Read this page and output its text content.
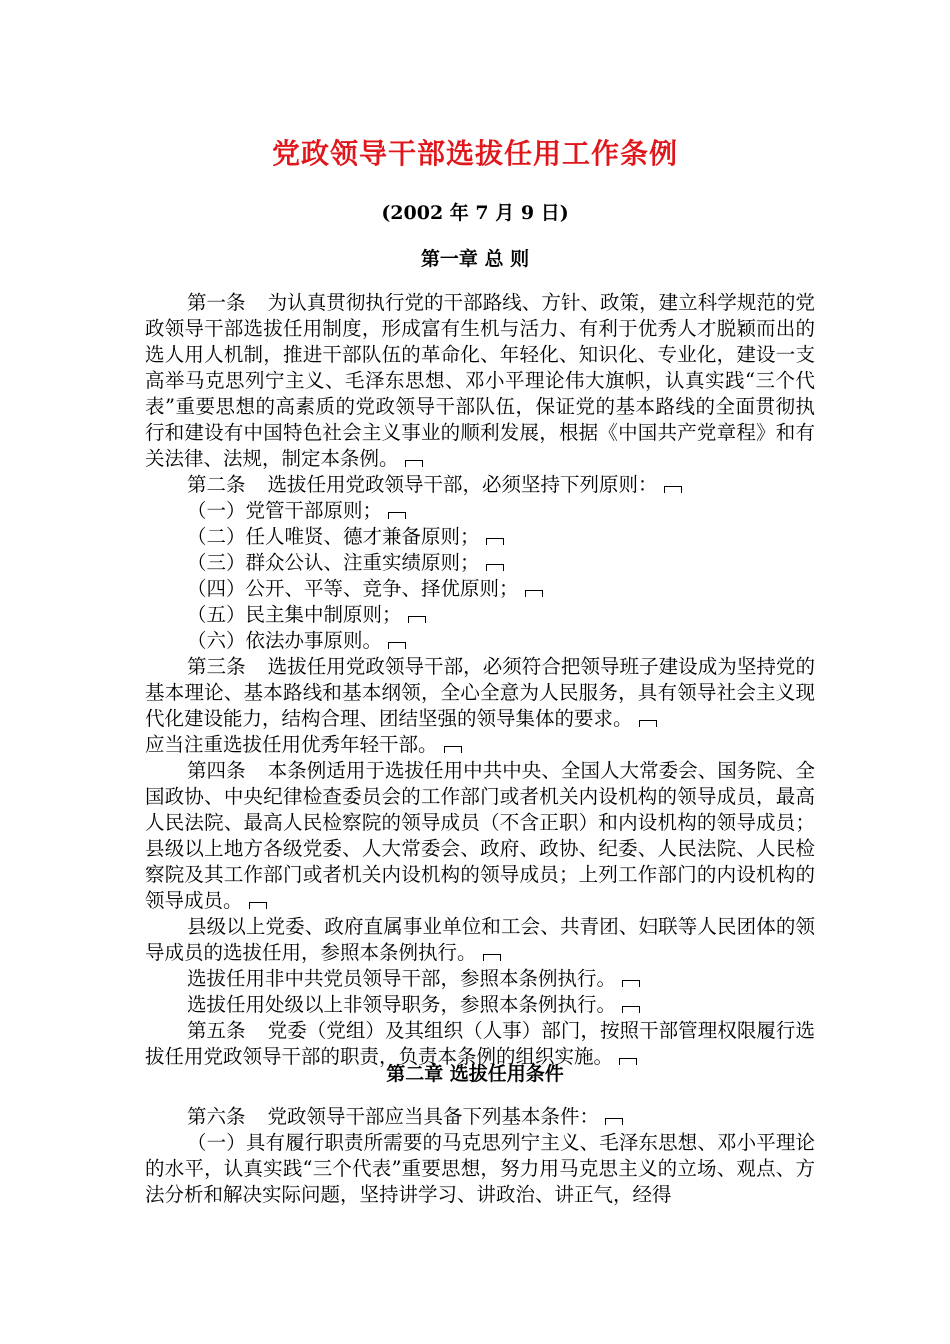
党政领导干部选拔任用工作条例
(2002 年 7 月 9 日)
第一章 总 则

第一条 为认真贯彻执行党的干部路线、方针、政策，建立科学规范的党政领导干部选拔任用制度，形成富有生机与活力、有利于优秀人才脱颖而出的选人用人机制，推进干部队伍的革命化、年轻化、知识化、专业化，建设一支高举马克思列宁主义、毛泽东思想、邓小平理论伟大旗帜，认真实践“三个代表”重要思想的高素质的党政领导干部队伍，保证党的基本路线的全面贯彻执行和建设有中国特色社会主义事业的顺利发展，根据《中国共产党章程》和有关法律、法规，制定本条例。

第二条 选拔任用党政领导干部，必须坚持下列原则：

（一）党管干部原则；

（二）任人唯贤、德才兼备原则；

（三）群众公认、注重实绩原则；

（四）公开、平等、竞争、择优原则；

（五）民主集中制原则；

（六）依法办事原则。

第三条 选拔任用党政领导干部，必须符合把领导班子建设成为坚持党的基本理论、基本路线和基本纲领，全心全意为人民服务，具有领导社会主义现代化建设能力，结构合理、团结坚强的领导集体的要求。

应当注重选拔任用优秀年轻干部。

第四条 本条例适用于选拔任用中共中央、全国人大常委会、国务院、全国政协、中央纪律检查委员会的工作部门或者机关内设机构的领导成员，最高人民法院、最高人民检察院的领导成员（不含正职）和内设机构的领导成员；县级以上地方各级党委、人大常委会、政府、政协、纪委、人民法院、人民检察院及其工作部门或者机关内设机构的领导成员；上列工作部门的内设机构的领导成员。

县级以上党委、政府直属事业单位和工会、共青团、妇联等人民团体的领导成员的选拔任用，参照本条例执行。

选拔任用非中共党员领导干部，参照本条例执行。

选拔任用处级以上非领导职务，参照本条例执行。

第五条 党委（党组）及其组织（人事）部门，按照干部管理权限履行选拔任用党政领导干部的职责，负责本条例的组织实施。

第二章 选拔任用条件

第六条 党政领导干部应当具备下列基本条件：

（一）具有履行职责所需要的马克思列宁主义、毛泽东思想、邓小平理论的水平，认真实践“三个代表”重要思想，努力用马克思主义的立场、观点、方法分析和解决实际问题，坚持讲学习、讲政治、讲正气，经得
